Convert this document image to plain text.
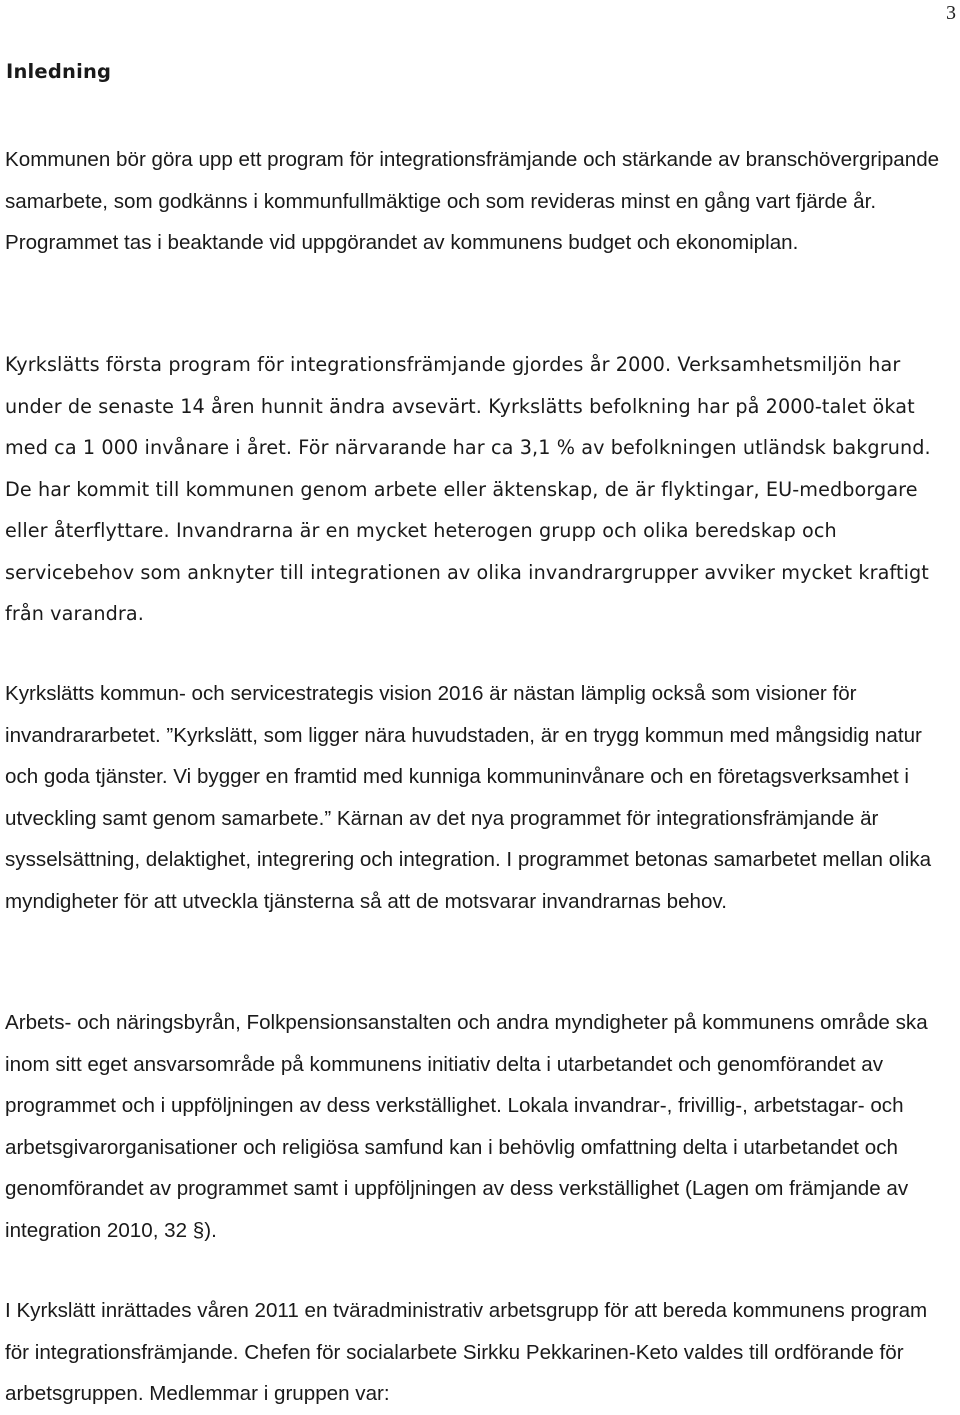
3
Inledning

Kommunen bör göra upp ett program för integrationsfrämjande och stärkande av branschövergripande samarbete, som godkänns i kommunfullmäktige och som revideras minst en gång vart fjärde år. Programmet tas i beaktande vid uppgörandet av kommunens budget och ekonomiplan.

Kyrkslätts första program för integrationsfrämjande gjordes år 2000. Verksamhetsmiljön har under de senaste 14 åren hunnit ändra avsevärt. Kyrkslätts befolkning har på 2000-talet ökat med ca 1 000 invånare i året. För närvarande har ca 3,1 % av befolkningen utländsk bakgrund. De har kommit till kommunen genom arbete eller äktenskap, de är flyktingar, EU-medborgare eller återflyttare. Invandrarna är en mycket heterogen grupp och olika beredskap och servicebehov som anknyter till integrationen av olika invandrargrupper avviker mycket kraftigt från varandra.

Kyrkslätts kommun- och servicestrategis vision 2016 är nästan lämplig också som visioner för invandrararbetet. ”Kyrkslätt, som ligger nära huvudstaden, är en trygg kommun med mångsidig natur och goda tjänster. Vi bygger en framtid med kunniga kommuninvånare och en företagsverksamhet i utveckling samt genom samarbete.” Kärnan av det nya programmet för integrationsfrämjande är sysselsättning, delaktighet, integrering och integration. I programmet betonas samarbetet mellan olika myndigheter för att utveckla tjänsterna så att de motsvarar invandrarnas behov.

Arbets- och näringsbyrån, Folkpensionsanstalten och andra myndigheter på kommunens område ska inom sitt eget ansvarsområde på kommunens initiativ delta i utarbetandet och genomförandet av programmet och i uppföljningen av dess verkställighet. Lokala invandrar-, frivillig-, arbetstagar- och arbetsgivarorganisationer och religiösa samfund kan i behövlig omfattning delta i utarbetandet och genomförandet av programmet samt i uppföljningen av dess verkställighet (Lagen om främjande av integration 2010, 32 §).

I Kyrkslätt inrättades våren 2011 en tväradministrativ arbetsgrupp för att bereda kommunens program för integrationsfrämjande. Chefen för socialarbete Sirkku Pekkarinen-Keto valdes till ordförande för arbetsgruppen. Medlemmar i gruppen var:
